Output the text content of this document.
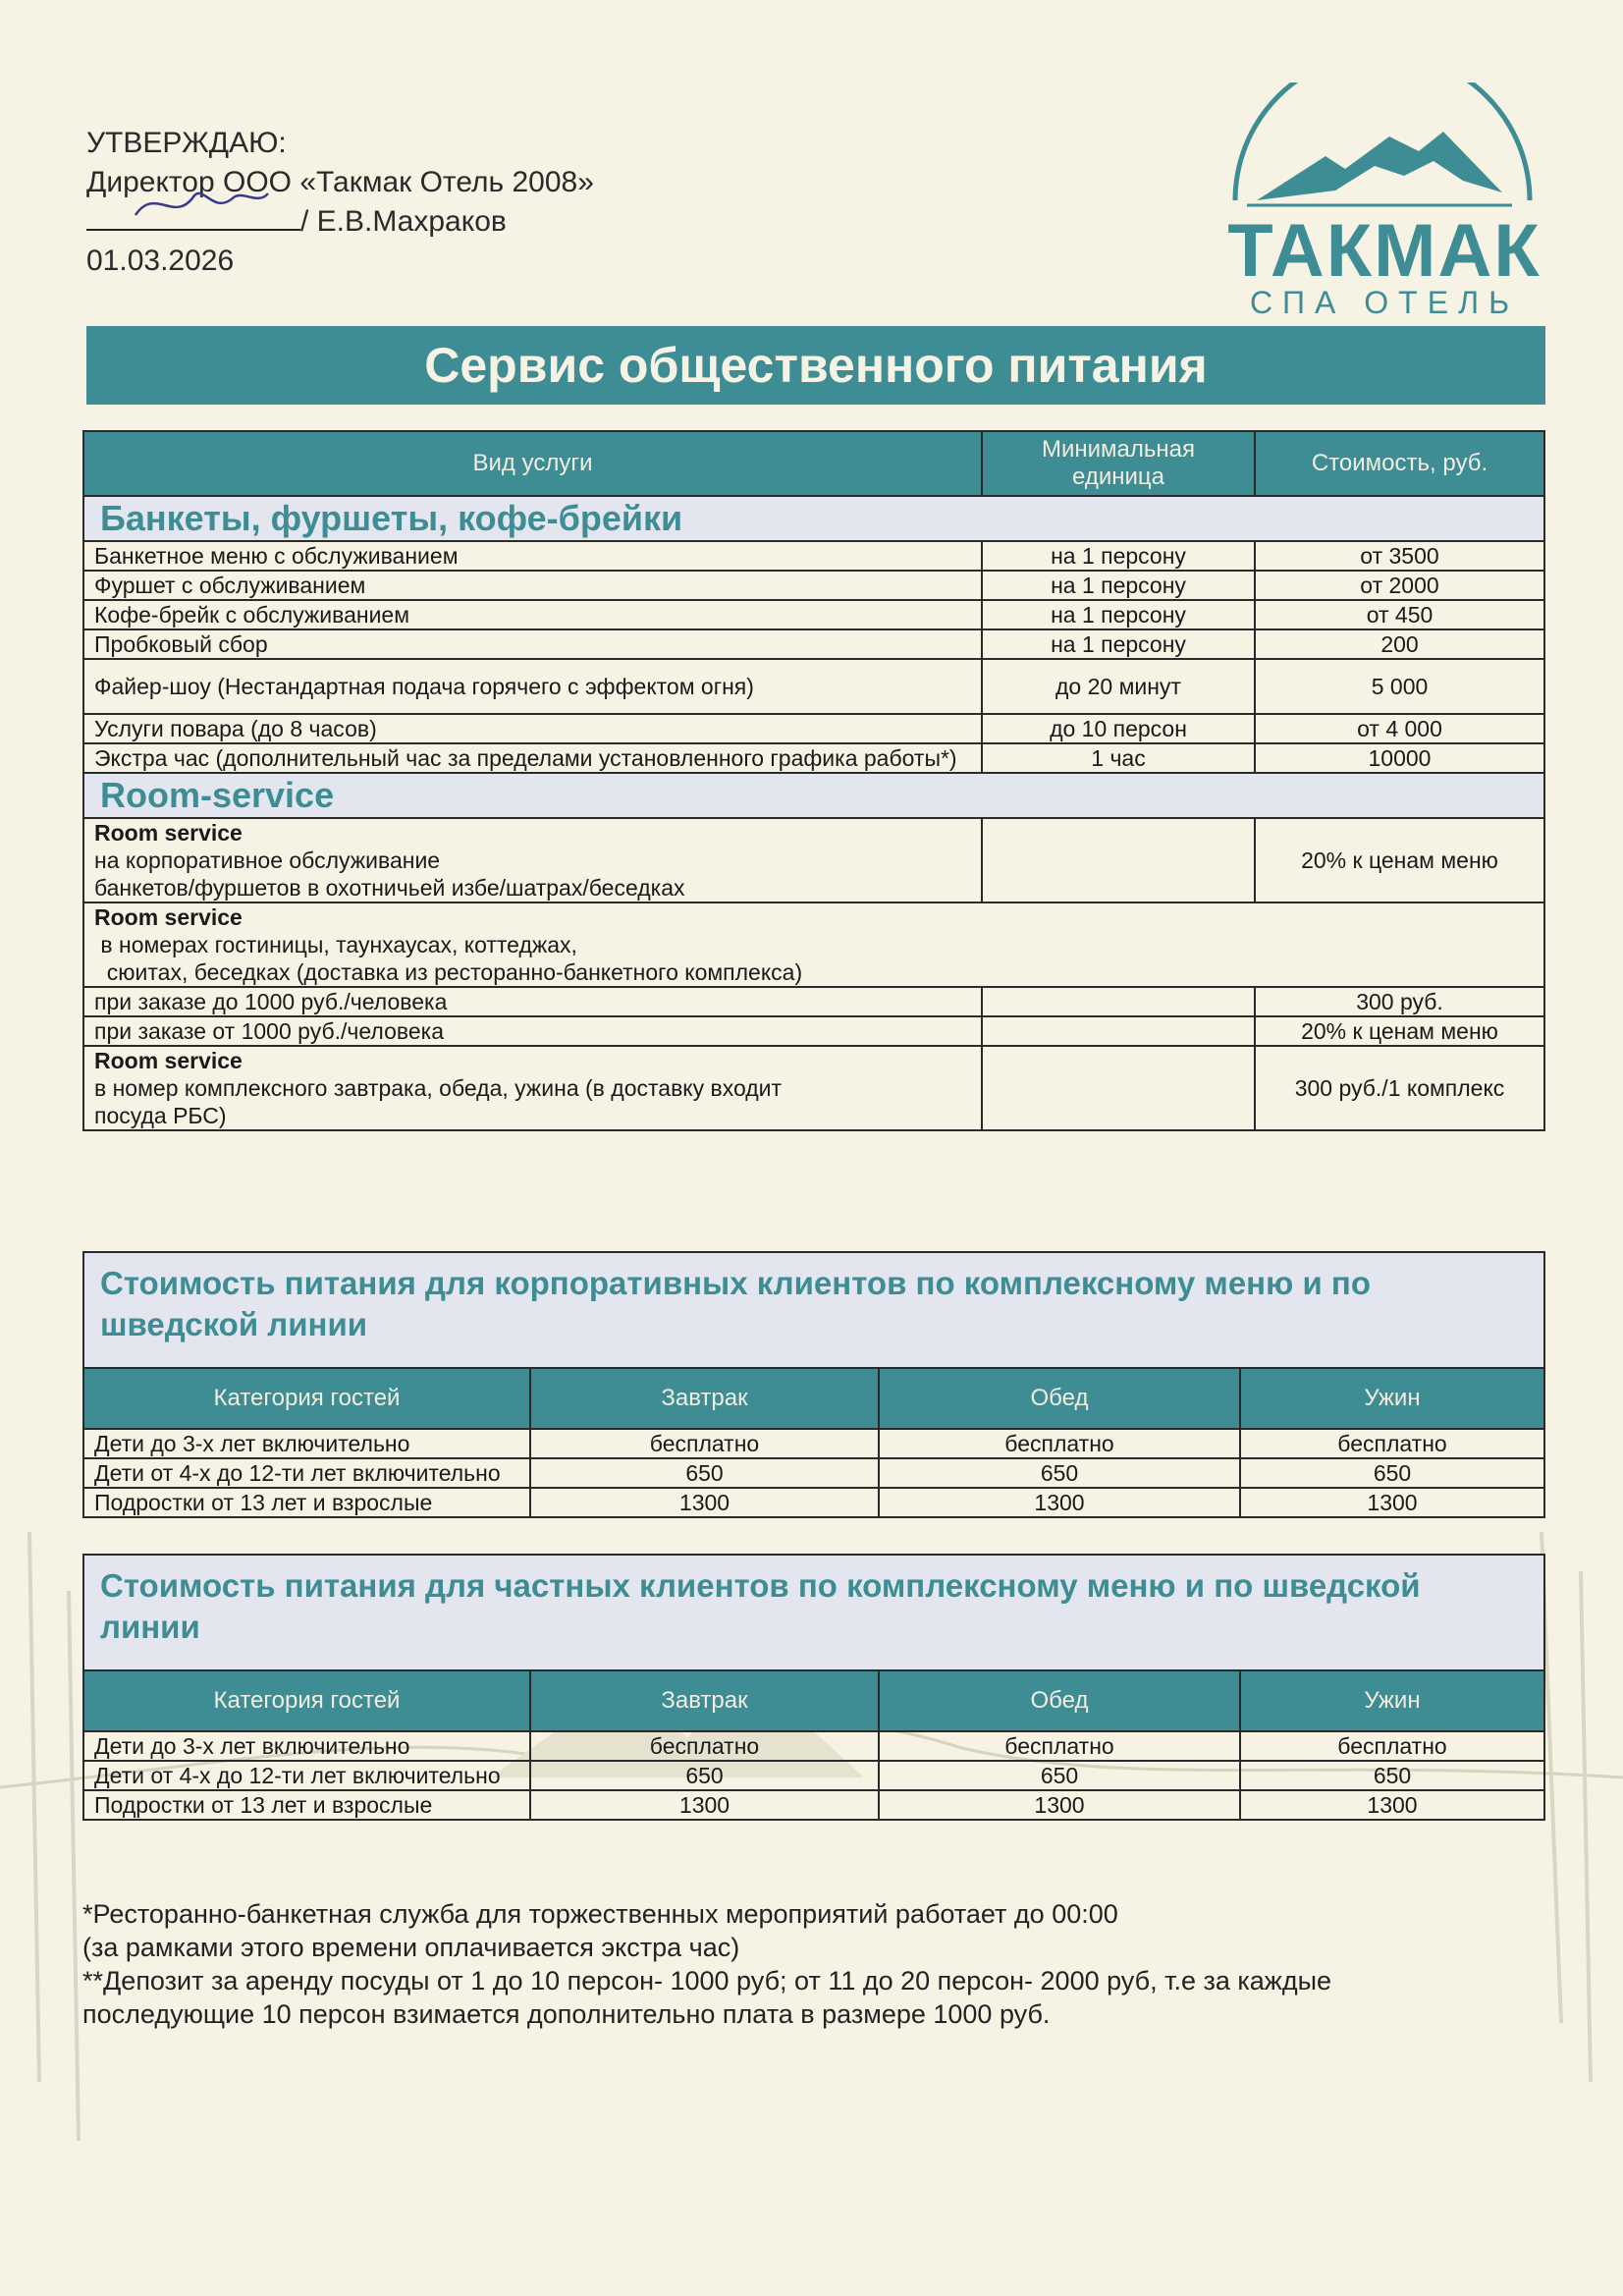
УТВЕРЖДАЮ:
Директор ООО «Такмак Отель 2008»
/ Е.В.Махраков
01.03.2026	ТАКМАК
СПА ОТЕЛЬ
Сервис общественного питания
Вид услуги	Минимальная единица	Стоимость, руб.
Банкеты, фуршеты, кофе-брейки		
Банкетное меню с обслуживанием	на 1 персону	от 3500
Фуршет с обслуживанием	на 1 персону	от 2000
Кофе-брейк с обслуживанием	на 1 персону	от 450
Пробковый сбор	на 1 персону	200
Файер-шоу (Нестандартная подача горячего с эффектом огня)	до 20 минут	5 000
Услуги повара (до 8 часов)	до 10 персон	от 4 000
Экстра час (дополнительный час за пределами установленного графика работы*)	1 час	10000
Room-service		

Room service
на корпоративное обслуживание
банкетов/фуршетов в охотничьей избе/шатрах/беседках		20% к ценам меню

Room service
в номерах гостиницы, таунхаусах, коттеджах,
сюитах, беседках (доставка из ресторанно-банкетного комплекса)		

при заказе до 1000 руб./человека		300 руб.
при заказе от 1000 руб./человека		20% к ценам меню

Room service
в номер комплексного завтрака, обеда, ужина (в доставку входит
посуда РБС)		300 руб./1 комплекс
Стоимость питания для корпоративных клиентов по комплексному меню и по шведской линии			
Категория гостей	Завтрак	Обед	Ужин
Дети до 3-х лет включительно	бесплатно	бесплатно	бесплатно
Дети от 4-х до 12-ти лет включительно	650	650	650
Подростки от 13 лет и взрослые	1300	1300	1300
Стоимость питания для частных клиентов по комплексному меню и по шведской линии			
Категория гостей	Завтрак	Обед	Ужин
Дети до 3-х лет включительно	бесплатно	бесплатно	бесплатно
Дети от 4-х до 12-ти лет включительно	650	650	650
Подростки от 13 лет и взрослые	1300	1300	1300
*Ресторанно-банкетная служба для торжественных мероприятий работает до 00:00
(за рамками этого времени оплачивается экстра час)
**Депозит за аренду посуды от 1 до 10 персон- 1000 руб; от 11 до 20 персон- 2000 руб, т.е за каждые
последующие 10 персон взимается дополнительно плата в размере 1000 руб.
